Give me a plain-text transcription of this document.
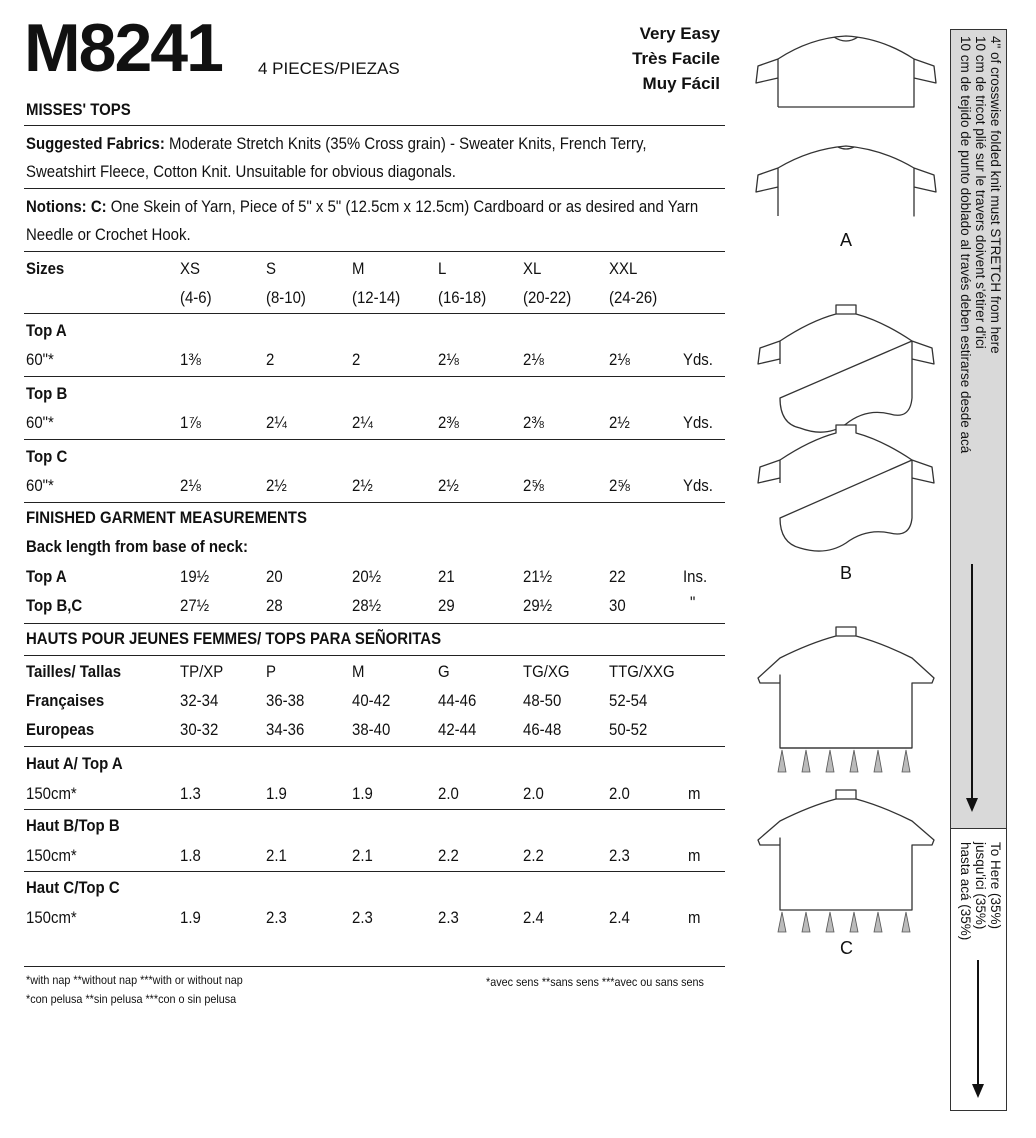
M8241 4 PIECES/PIEZAS
Very Easy
Très Facile
Muy Fácil
MISSES' TOPS
Suggested Fabrics: Moderate Stretch Knits (35% Cross grain) - Sweater Knits, French Terry,
Sweatshirt Fleece, Cotton Knit. Unsuitable for obvious diagonals.
Notions: C: One Skein of Yarn, Piece of 5" x 5" (12.5cm x 12.5cm) Cardboard or as desired and Yarn
Needle or Crochet Hook.
Sizes	XS	S	M	L	XL	XXL
(4-6)	(8-10)	(12-14) (16-18) (20-22) (24-26)
Top A
60"*	1⅜	2	2	2⅛	2⅛	2⅛	Yds.
Top B
60"*	1⅞	2¼	2¼	2⅜	2⅜	2½	Yds.
Top C
60"*	2⅛	2½	2½	2½	2⅝	2⅝	Yds.
FINISHED GARMENT MEASUREMENTS
Back length from base of neck:
Top A	19½	20	20½	21	21½	22	Ins.
Top B,C	27½	28	28½	29	29½	30	"
HAUTS POUR JEUNES FEMMES/ TOPS PARA SEÑORITAS
Tailles/ Tallas	TP/XP	P	M	G	TG/XG TTG/XXG
Françaises	32-34	36-38	40-42	44-46	48-50	52-54
Europeas	30-32	34-36	38-40	42-44	46-48	50-52
Haut A/ Top A
150cm*	1.3	1.9	1.9	2.0	2.0	2.0	m
Haut B/Top B
150cm*	1.8	2.1	2.1	2.2	2.2	2.3	m
Haut C/Top C
150cm*	1.9	2.3	2.3	2.3	2.4	2.4	m
*with nap **without nap ***with or without nap
*con pelusa **sin pelusa ***con o sin pelusa
*avec sens **sans sens ***avec ou sans sens
A
B
C
4" of crosswise folded knit must STRETCH from here
10 cm de tricot plié sur le travers doivent s'étirer d'ici
10 cm de tejido de punto doblado al través deben estirarse desde acá
To Here (35%)
jusqu'ici (35%)
hasta acá (35%)
